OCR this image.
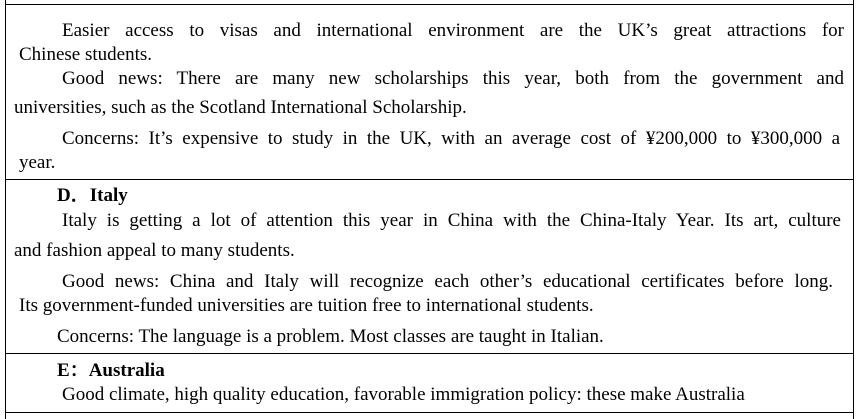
Easier access to visas and international environment are the UK’s great attractions for
Chinese students.
Good news: There are many new scholarships this year, both from the government and
universities, such as the Scotland International Scholarship.
Concerns: It’s expensive to study in the UK, with an average cost of ¥200,000 to ¥300,000 a
year.
D．Italy
Italy is getting a lot of attention this year in China with the China-Italy Year. Its art, culture
and fashion appeal to many students.
Good news: China and Italy will recognize each other’s educational certificates before long.
Its government-funded universities are tuition free to international students.
Concerns: The language is a problem. Most classes are taught in Italian.
E：Australia
Good climate, high quality education, favorable immigration policy: these make Australia
